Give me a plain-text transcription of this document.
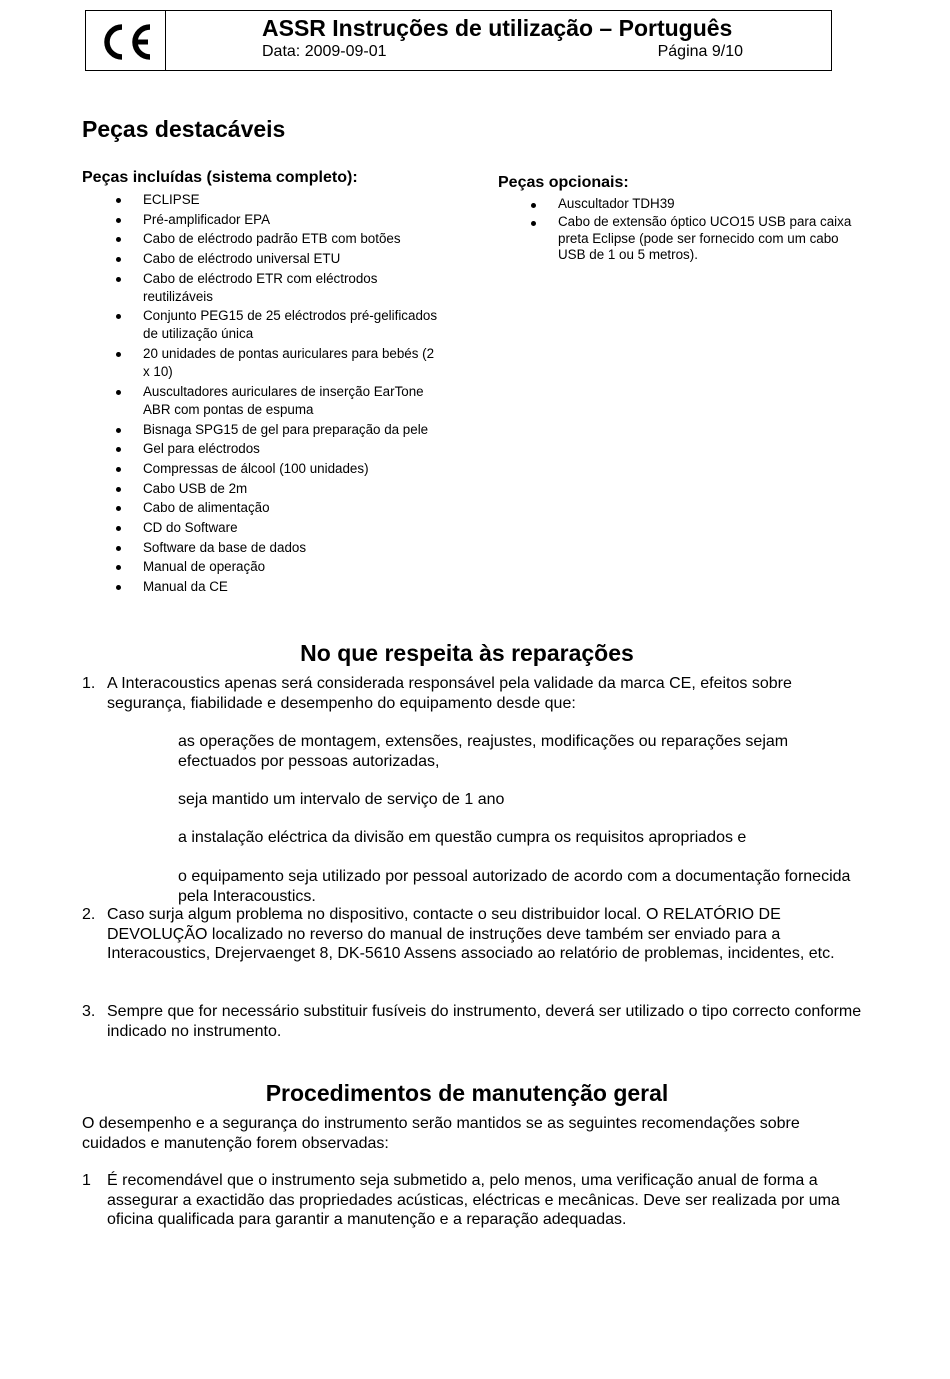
ASSR Instruções de utilização – Português
Data: 2009-09-01	Página 9/10
Peças destacáveis
Peças incluídas (sistema completo):
ECLIPSE
Pré-amplificador EPA
Cabo de eléctrodo padrão ETB com botões
Cabo de eléctrodo universal ETU
Cabo de eléctrodo ETR com eléctrodos reutilizáveis
Conjunto PEG15 de 25 eléctrodos pré-gelificados de utilização única
20 unidades de pontas auriculares para bebés (2 x 10)
Auscultadores auriculares de inserção EarTone ABR com pontas de espuma
Bisnaga SPG15 de gel para preparação da pele
Gel para eléctrodos
Compressas de álcool (100 unidades)
Cabo USB de 2m
Cabo de alimentação
CD do Software
Software da base de dados
Manual de operação
Manual da CE
Peças opcionais:
Auscultador TDH39
Cabo de extensão óptico UCO15 USB para caixa preta Eclipse (pode ser fornecido com um cabo USB de 1 ou 5 metros).
No que respeita às reparações
1. A Interacoustics apenas será considerada responsável pela validade da marca CE, efeitos sobre segurança, fiabilidade e desempenho do equipamento desde que:
as operações de montagem, extensões, reajustes, modificações ou reparações sejam efectuados por pessoas autorizadas,
seja mantido um intervalo de serviço de 1 ano
a instalação eléctrica da divisão em questão cumpra os requisitos apropriados e
o equipamento seja utilizado por pessoal autorizado de acordo com a documentação fornecida pela Interacoustics.
2. Caso surja algum problema no dispositivo, contacte o seu distribuidor local. O RELATÓRIO DE DEVOLUÇÃO localizado no reverso do manual de instruções deve também ser enviado para a Interacoustics, Drejervaenget 8, DK-5610 Assens associado ao relatório de problemas, incidentes, etc.
3. Sempre que for necessário substituir fusíveis do instrumento, deverá ser utilizado o tipo correcto conforme indicado no instrumento.
Procedimentos de manutenção geral
O desempenho e a segurança do instrumento serão mantidos se as seguintes recomendações sobre cuidados e manutenção forem observadas:
1 É recomendável que o instrumento seja submetido a, pelo menos, uma verificação anual de forma a assegurar a exactidão das propriedades acústicas, eléctricas e mecânicas. Deve ser realizada por uma oficina qualificada para garantir a manutenção e a reparação adequadas.
